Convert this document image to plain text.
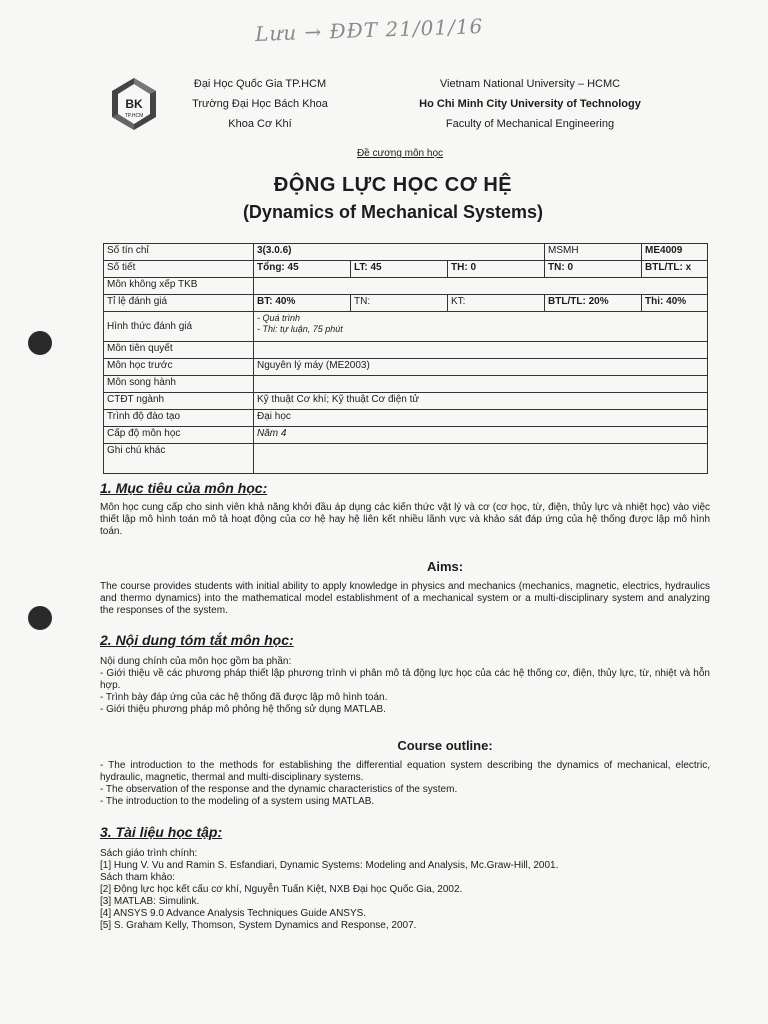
Lưu → ĐĐT 21/01/16
BK
TP.HCM
Đại Học Quốc Gia TP.HCM
Trường Đại Học Bách Khoa
Khoa Cơ Khí
Vietnam National University – HCMC
Ho Chi Minh City University of Technology
Faculty of Mechanical Engineering
Đề cương môn học
ĐỘNG LỰC HỌC CƠ HỆ
(Dynamics of Mechanical Systems)
Số tín chỉ	3(3.0.6)			MSMH	ME4009
Số tiết	Tổng: 45	LT: 45	TH: 0	TN: 0	BTL/TL: x
Môn không xếp TKB					
Tỉ lệ đánh giá	BT: 40%	TN:	KT:	BTL/TL: 20%	Thi: 40%
Hình thức đánh giá	- Quá trình
- Thi: tự luận, 75 phút				

Môn tiên quyết					
Môn học trước	Nguyên lý máy (ME2003)				
Môn song hành					
CTĐT ngành	Kỹ thuật Cơ khí; Kỹ thuật Cơ điện tử				
Trình độ đào tạo	Đại học				
Cấp độ môn học	Năm 4				
Ghi chú khác					

1. Mục tiêu của môn học:

Môn học cung cấp cho sinh viên khả năng khởi đầu áp dụng các kiến thức vật lý và cơ (cơ học, từ, điện, thủy lực và nhiệt học) vào việc thiết lập mô hình toán mô tả hoạt động của cơ hệ hay hệ liên kết nhiều lãnh vực và khảo sát đáp ứng của hệ thống được lập mô hình toán.

Aims:

The course provides students with initial ability to apply knowledge in physics and mechanics (mechanics, magnetic, electrics, hydraulics and thermo dynamics) into the mathematical model establishment of a mechanical system or a multi-disciplinary system and analyzing the responses of the system.

2. Nội dung tóm tắt môn học:

Nội dung chính của môn học gồm ba phần:

- Giới thiệu về các phương pháp thiết lập phương trình vi phân mô tả động lực học của các hệ thống cơ, điện, thủy lực, từ, nhiệt và hỗn hợp.

- Trình bày đáp ứng của các hệ thống đã được lập mô hình toán.

- Giới thiệu phương pháp mô phỏng hệ thống sử dụng MATLAB.

Course outline:

- The introduction to the methods for establishing the differential equation system describing the dynamics of mechanical, electric, hydraulic, magnetic, thermal and multi-disciplinary systems.

- The observation of the response and the dynamic characteristics of the system.

- The introduction to the modeling of a system using MATLAB.

3. Tài liệu học tập:

Sách giáo trình chính:

[1] Hung V. Vu and Ramin S. Esfandiari, Dynamic Systems: Modeling and Analysis, Mc.Graw-Hill, 2001.

Sách tham khảo:

[2] Động lực học kết cấu cơ khí, Nguyễn Tuấn Kiệt, NXB Đại học Quốc Gia, 2002.

[3] MATLAB: Simulink.

[4] ANSYS 9.0 Advance Analysis Techniques Guide ANSYS.

[5] S. Graham Kelly, Thomson, System Dynamics and Response, 2007.
